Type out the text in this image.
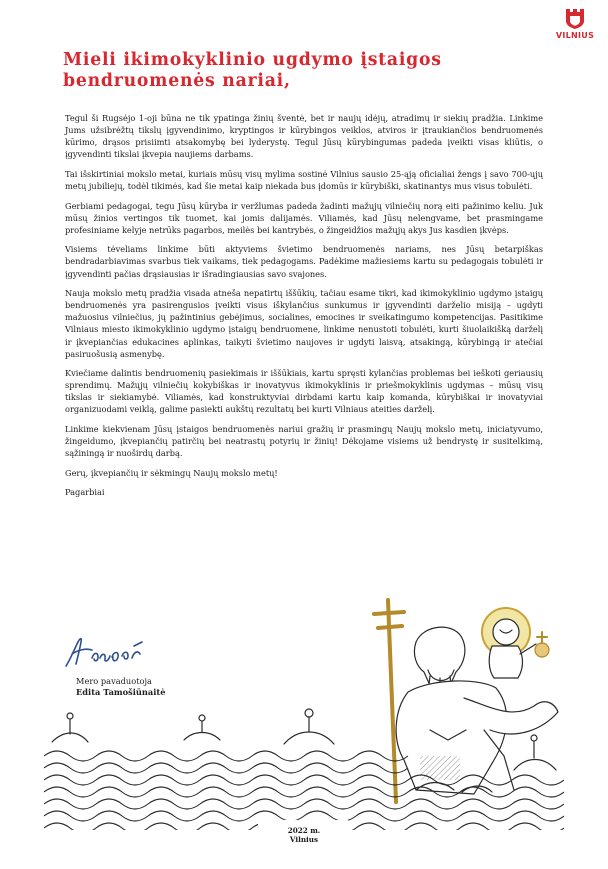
VILNIUS
Mieli ikimokyklinio ugdymo įstaigos bendruomenės nariai,

Tegul ši Rugsėjo 1-oji būna ne tik ypatinga žinių šventė, bet ir naujų idėjų, atradimų ir siekių pradžia. Linkime Jums užsibrėžtų tikslų įgyvendinimo, kryptingos ir kūrybingos veiklos, atviros ir įtraukiančios bendruomenės kūrimo, drąsos prisiimti atsakomybę bei lyderystę. Tegul Jūsų kūrybingumas padeda įveikti visas kliūtis, o įgyvendinti tikslai įkvepia naujiems darbams.

Tai išskirtiniai mokslo metai, kuriais mūsų visų mylima sostinė Vilnius sausio 25-ąją oficialiai žengs į savo 700-ųjų metų jubiliejų, todėl tikimės, kad šie metai kaip niekada bus įdomūs ir kūrybiški, skatinantys mus visus tobulėti.

Gerbiami pedagogai, tegu Jūsų kūryba ir veržlumas padeda žadinti mažųjų vilniečių norą eiti pažinimo keliu. Juk mūsų žinios vertingos tik tuomet, kai jomis dalijamės. Viliamės, kad Jūsų nelengvame, bet prasmingame profesiniame kelyje netrūks pagarbos, meilės bei kantrybės, o žingeidžios mažųjų akys Jus kasdien įkvėps.

Visiems tėveliams linkime būti aktyviems švietimo bendruomenės nariams, nes Jūsų betarpiškas bendradarbiavimas svarbus tiek vaikams, tiek pedagogams. Padėkime mažiesiems kartu su pedagogais tobulėti ir įgyvendinti pačias drąsiausias ir išradingiausias savo svajones.

Nauja mokslo metų pradžia visada atneša nepatirtų iššūkių, tačiau esame tikri, kad ikimokyklinio ugdymo įstaigų bendruomenės yra pasirengusios įveikti visus iškylančius sunkumus ir įgyvendinti darželio misiją – ugdyti mažuosius vilniečius, jų pažintinius gebėjimus, socialines, emocines ir sveikatingumo kompetencijas. Pasitikime Vilniaus miesto ikimokyklinio ugdymo įstaigų bendruomene, linkime nenustoti tobulėti, kurti šiuolaikišką darželį ir įkvepiančias edukacines aplinkas, taikyti švietimo naujoves ir ugdyti laisvą, atsakingą, kūrybingą ir atečiai pasiruošusią asmenybę.

Kviečiame dalintis bendruomenių pasiekimais ir iššūkiais, kartu spręsti kylančias problemas bei ieškoti geriausių sprendimų. Mažųjų vilniečių kokybiškas ir inovatyvus ikimokyklinis ir priešmokyklinis ugdymas – mūsų visų tikslas ir siekiamybė. Viliamės, kad konstruktyviai dirbdami kartu kaip komanda, kūrybiškai ir inovatyviai organizuodami veiklą, galime pasiekti aukštų rezultatų bei kurti Vilniaus ateities darželį.

Linkime kiekvienam Jūsų įstaigos bendruomenės nariui gražių ir prasmingų Naujų mokslo metų, iniciatyvumo, žingeidumo, įkvepiančių patirčių bei neatrastų potyrių ir žinių! Dėkojame visiems už bendrystę ir susitelkimą, sąžiningą ir nuoširdų darbą.

Gerų, įkvepiančių ir sėkmingų Naujų mokslo metų!

Pagarbiai

Mero pavaduotoja
Edita Tamošiūnaitė
2022 m.
Vilnius
